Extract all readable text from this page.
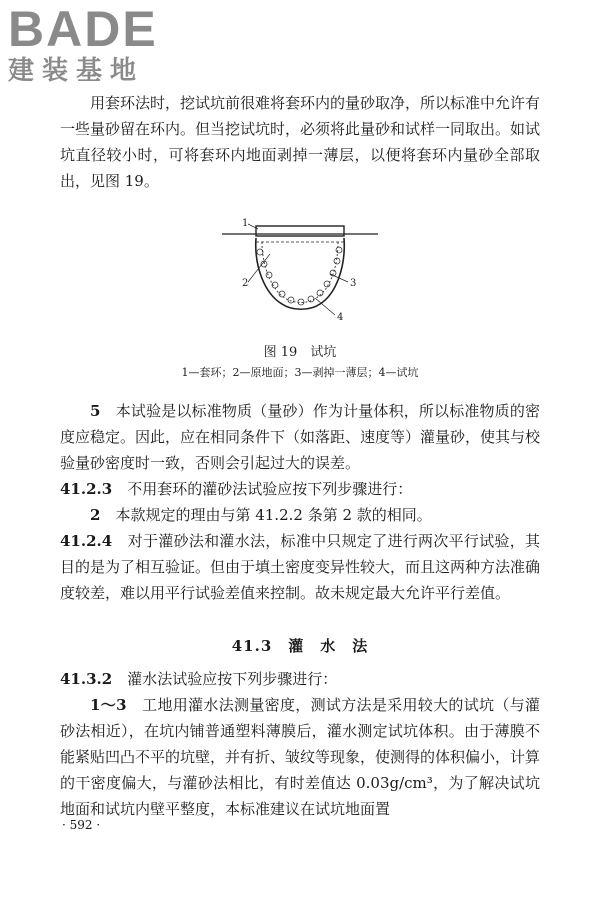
BADE
建装基地

用套环法时，挖试坑前很难将套环内的量砂取净，所以标准中允许有一些量砂留在环内。但当挖试坑时，必须将此量砂和试样一同取出。如试坑直径较小时，可将套环内地面剥掉一薄层，以便将套环内量砂全部取出，见图 19。

1
2	3
4
图 19　试坑
1—套环；2—原地面；3—剥掉一薄层；4—试坑

5　 本试验是以标准物质（量砂）作为计量体积，所以标准物质的密度应稳定。因此，应在相同条件下（如落距、速度等）灌量砂，使其与校验量砂密度时一致，否则会引起过大的误差。

41.2.3　 不用套环的灌砂法试验应按下列步骤进行：

2　 本款规定的理由与第 41.2.2 条第 2 款的相同。

41.2.4　 对于灌砂法和灌水法，标准中只规定了进行两次平行试验，其目的是为了相互验证。但由于填土密度变异性较大，而且这两种方法准确度较差，难以用平行试验差值来控制。故未规定最大允许平行差值。

41.3　灌　水　法

41.3.2　 灌水法试验应按下列步骤进行：

1～3　 工地用灌水法测量密度，测试方法是采用较大的试坑（与灌砂法相近），在坑内铺普通塑料薄膜后，灌水测定试坑体积。由于薄膜不能紧贴凹凸不平的坑壁，并有折、皱纹等现象，使测得的体积偏小，计算的干密度偏大，与灌砂法相比，有时差值达 0.03g/cm³，为了解决试坑地面和试坑内壁平整度，本标准建议在试坑地面置

· 592 ·
